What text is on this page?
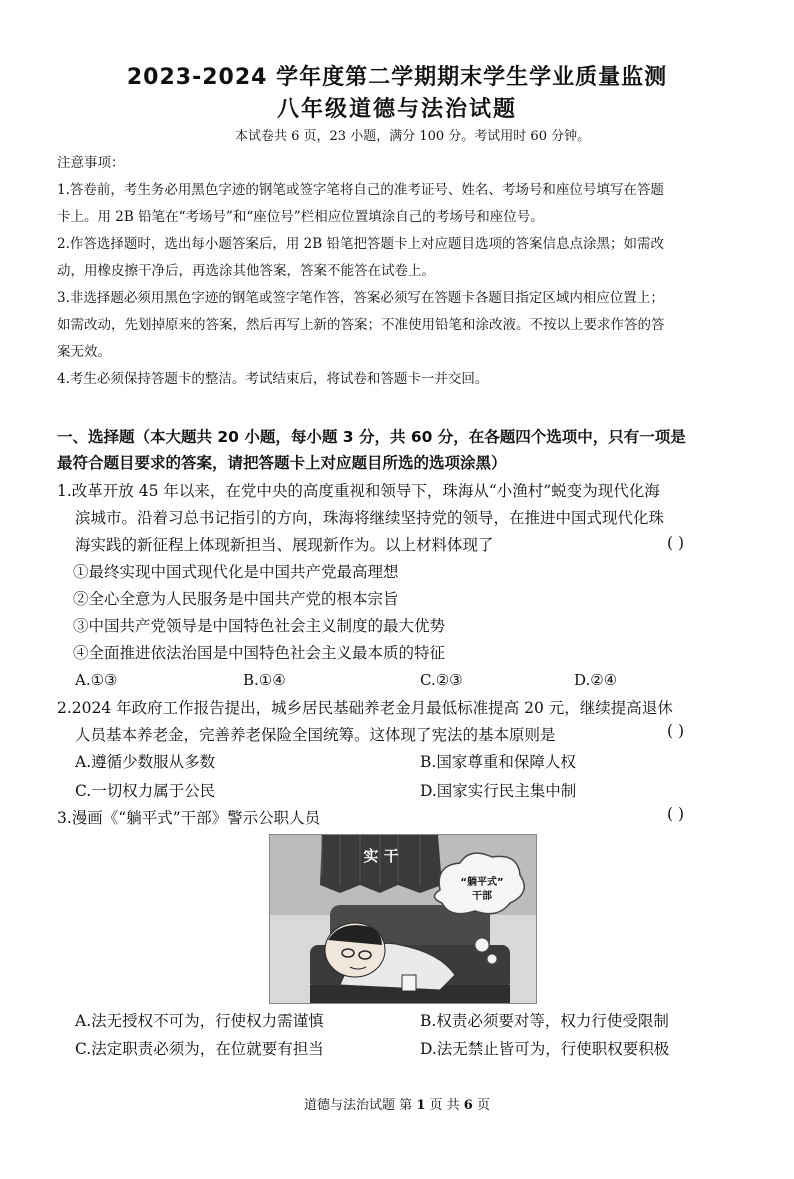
2023-2024 学年度第二学期期末学生学业质量监测
八年级道德与法治试题
本试卷共 6 页，23 小题，满分 100 分。考试用时 60 分钟。
注意事项：
1.答卷前，考生务必用黑色字迹的钢笔或签字笔将自己的准考证号、姓名、考场号和座位号填写在答题
卡上。用 2B 铅笔在“考场号”和“座位号”栏相应位置填涂自己的考场号和座位号。
2.作答选择题时，选出每小题答案后，用 2B 铅笔把答题卡上对应题目选项的答案信息点涂黑；如需改
动，用橡皮擦干净后，再选涂其他答案，答案不能答在试卷上。
3.非选择题必须用黑色字迹的钢笔或签字笔作答，答案必须写在答题卡各题目指定区域内相应位置上；
如需改动，先划掉原来的答案，然后再写上新的答案；不准使用铅笔和涂改液。不按以上要求作答的答
案无效。
4.考生必须保持答题卡的整洁。考试结束后，将试卷和答题卡一并交回。
一、选择题（本大题共 20 小题，每小题 3 分，共 60 分，在各题四个选项中，只有一项是
最符合题目要求的答案，请把答题卡上对应题目所选的选项涂黑）
1.改革开放 45 年以来，在党中央的高度重视和领导下，珠海从“小渔村”蜕变为现代化海
滨城市。沿着习总书记指引的方向，珠海将继续坚持党的领导，在推进中国式现代化珠
海实践的新征程上体现新担当、展现新作为。以上材料体现了	( )
①最终实现中国式现代化是中国共产党最高理想
②全心全意为人民服务是中国共产党的根本宗旨
③中国共产党领导是中国特色社会主义制度的最大优势
④全面推进依法治国是中国特色社会主义最本质的特征
A.①③	B.①④	C.②③	D.②④
2.2024 年政府工作报告提出，城乡居民基础养老金月最低标准提高 20 元，继续提高退休
人员基本养老金，完善养老保险全国统筹。这体现了宪法的基本原则是	( )
A.遵循少数服从多数	B.国家尊重和保障人权
C.一切权力属于公民	D.国家实行民主集中制
3.漫画《“躺平式”干部》警示公职人员	( )
实 干
“躺平式”
干部
A.法无授权不可为，行使权力需谨慎	B.权责必须要对等，权力行使受限制
C.法定职责必须为，在位就要有担当	D.法无禁止皆可为，行使职权要积极
道德与法治试题 第 1 页 共 6 页
